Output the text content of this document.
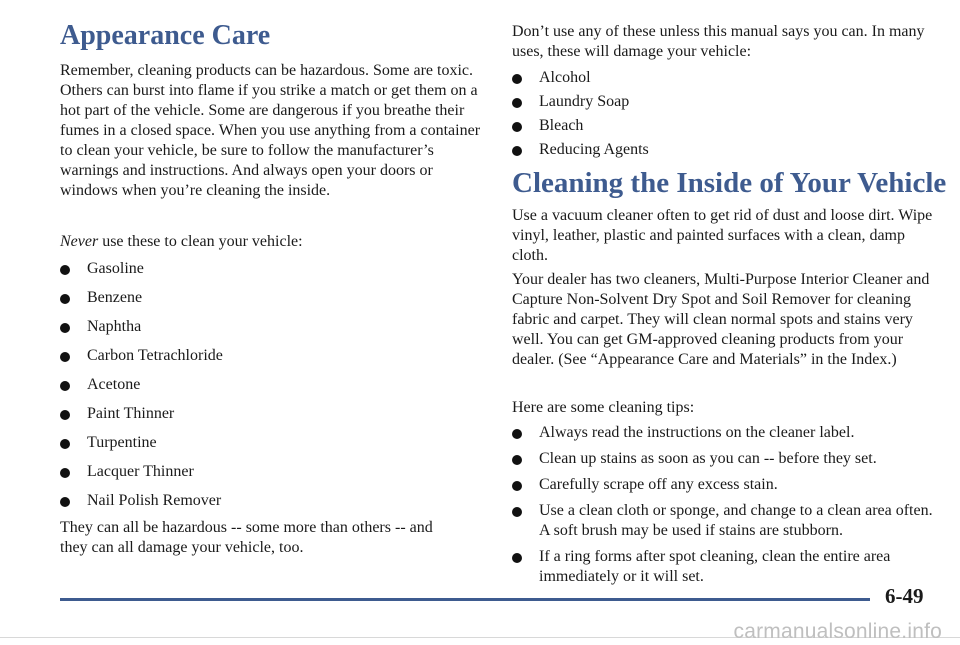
Appearance Care

Remember, cleaning products can be hazardous. Some are toxic. Others can burst into flame if you strike a match or get them on a hot part of the vehicle. Some are dangerous if you breathe their fumes in a closed space. When you use anything from a container to clean your vehicle, be sure to follow the manufacturer’s warnings and instructions. And always open your doors or windows when you’re cleaning the inside.

Never use these to clean your vehicle:

Gasoline
Benzene
Naphtha
Carbon Tetrachloride
Acetone
Paint Thinner
Turpentine
Lacquer Thinner
Nail Polish Remover

They can all be hazardous -- some more than others -- and they can all damage your vehicle, too.

Don’t use any of these unless this manual says you can. In many uses, these will damage your vehicle:

Alcohol
Laundry Soap
Bleach
Reducing Agents
Cleaning the Inside of Your Vehicle

Use a vacuum cleaner often to get rid of dust and loose dirt. Wipe vinyl, leather, plastic and painted surfaces with a clean, damp cloth.

Your dealer has two cleaners, Multi-Purpose Interior Cleaner and Capture Non-Solvent Dry Spot and Soil Remover for cleaning fabric and carpet. They will clean normal spots and stains very well. You can get GM-approved cleaning products from your dealer. (See “Appearance Care and Materials” in the Index.)

Here are some cleaning tips:

Always read the instructions on the cleaner label.
Clean up stains as soon as you can -- before they set.
Carefully scrape off any excess stain.
Use a clean cloth or sponge, and change to a clean area often. A soft brush may be used if stains are stubborn.
If a ring forms after spot cleaning, clean the entire area immediately or it will set.
6-49
carmanualsonline.info
